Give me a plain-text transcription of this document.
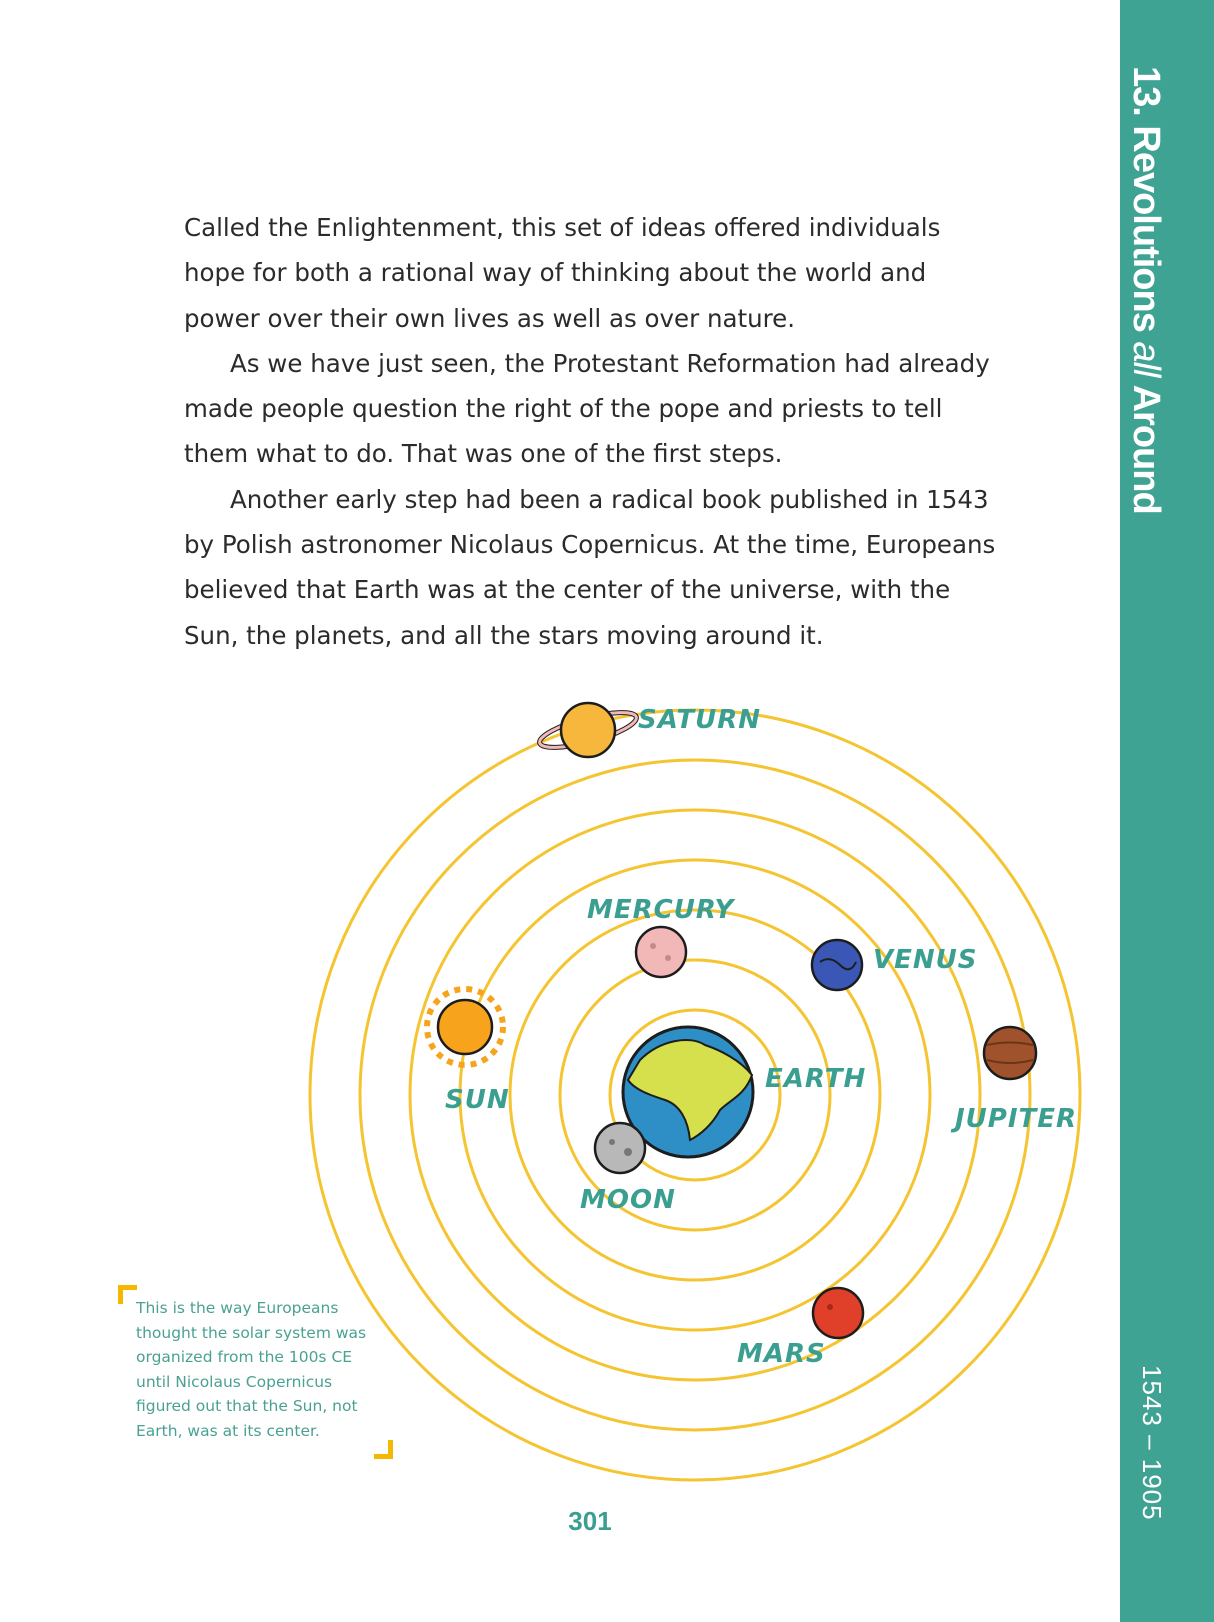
13. Revolutions all Around
1543 – 1905

Called the Enlightenment, this set of ideas offered individuals hope for both a rational way of thinking about the world and power over their own lives as well as over nature.

As we have just seen, the Protestant Reformation had already made people question the right of the pope and priests to tell them what to do. That was one of the first steps.

Another early step had been a radical book published in 1543 by Polish astronomer Nicolaus Copernicus. At the time, Europeans believed that Earth was at the center of the universe, with the Sun, the planets, and all the stars moving around it.

SATURN
MERCURY
VENUS
SUN
EARTH
JUPITER
MOON
MARS
This is the way Europeans thought the solar system was organized from the 100s CE until Nicolaus Copernicus figured out that the Sun, not Earth, was at its center.
301
